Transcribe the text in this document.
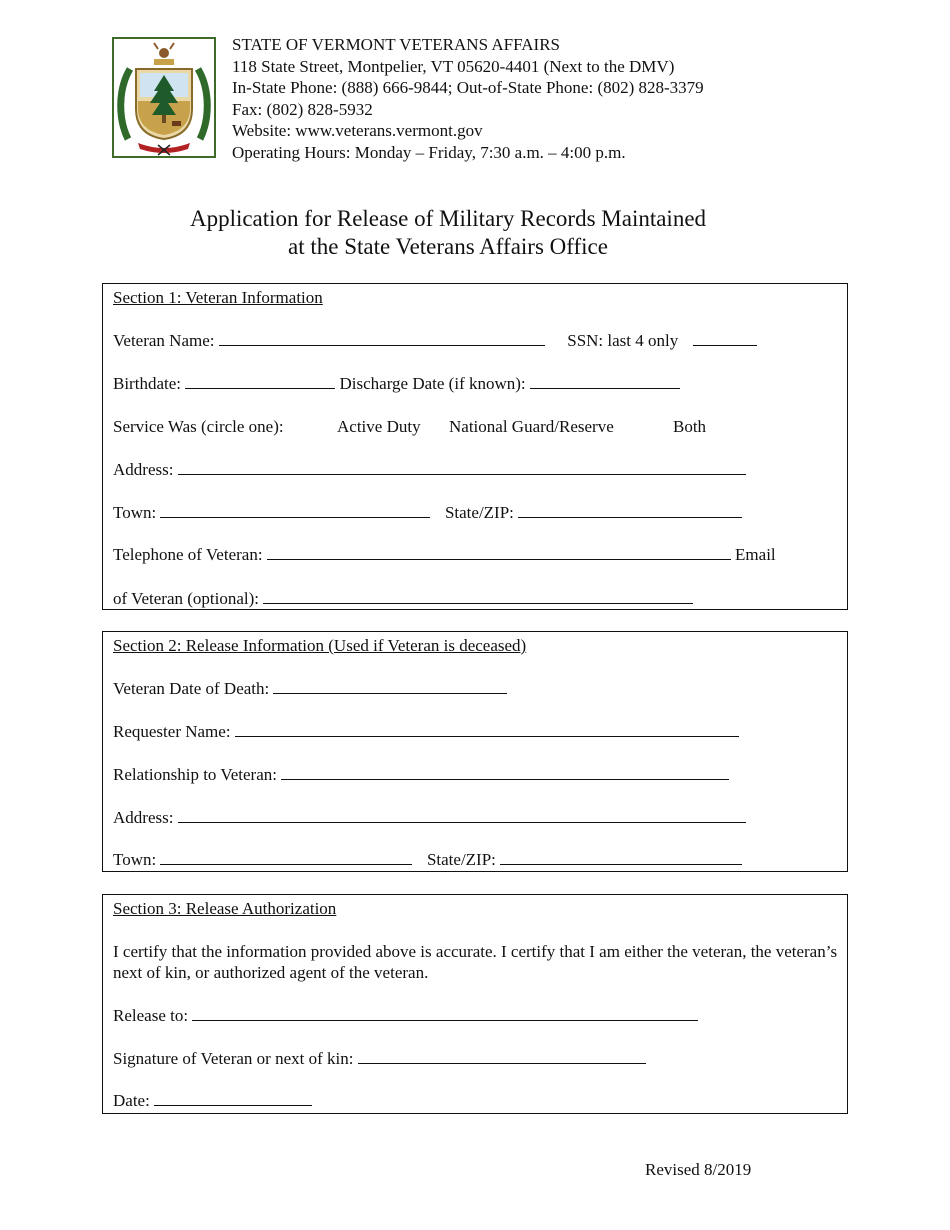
STATE OF VERMONT VETERANS AFFAIRS
118 State Street, Montpelier, VT 05620-4401 (Next to the DMV)
In-State Phone: (888) 666-9844; Out-of-State Phone: (802) 828-3379
Fax: (802) 828-5932
Website: www.veterans.vermont.gov
Operating Hours: Monday – Friday, 7:30 a.m. – 4:00 p.m.
Application for Release of Military Records Maintained
at the State Veterans Affairs Office
Section 1: Veteran Information
Veteran Name:	SSN: last 4 only
Birthdate:	Discharge Date (if known):
Service Was (circle one):	Active Duty National Guard/Reserve	Both
Address:
Town:	State/ZIP:
Telephone of Veteran:	Email
of Veteran (optional):
Section 2: Release Information (Used if Veteran is deceased)
Veteran Date of Death:
Requester Name:
Relationship to Veteran:
Address:
Town:	State/ZIP:
Section 3: Release Authorization
I certify that the information provided above is accurate. I certify that I am either the veteran, the veteran’s next of kin, or authorized agent of the veteran.
Release to:
Signature of Veteran or next of kin:
Date:
Revised 8/2019
